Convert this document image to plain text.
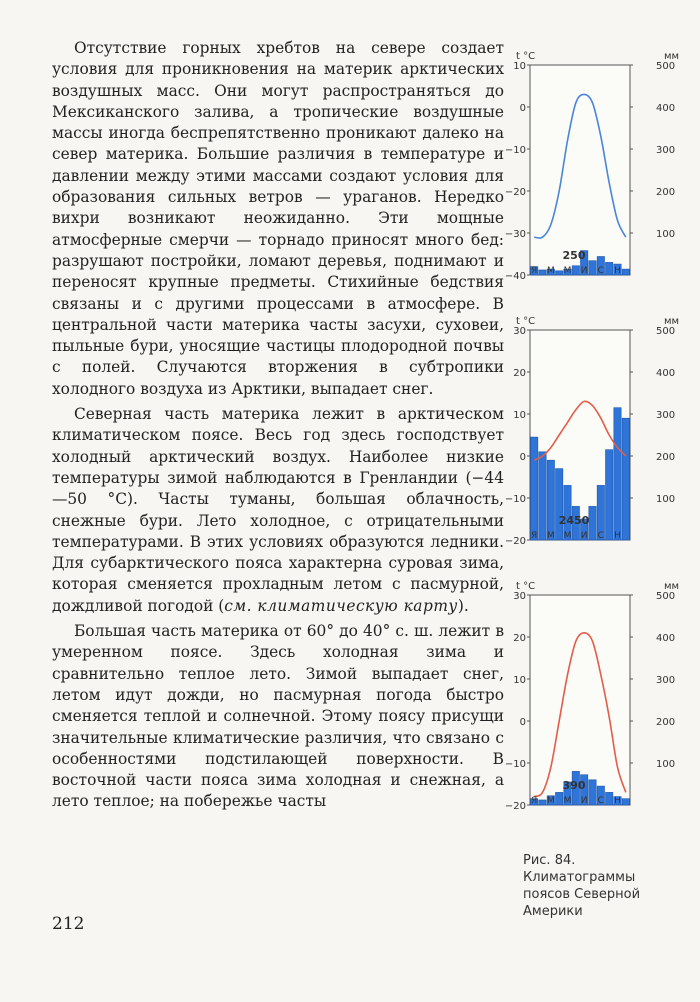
Отсутствие горных хребтов на севере создает условия для проникновения на материк арктических воздушных масс. Они могут распространяться до Мексиканского залива, а тропические воздушные массы иногда беспрепятственно проникают далеко на север материка. Большие различия в температуре и давлении между этими массами создают условия для образования сильных ветров — ураганов. Нередко вихри возникают неожиданно. Эти мощные атмосферные смерчи — торнадо приносят много бед: разрушают постройки, ломают деревья, поднимают и переносят крупные предметы. Стихийные бедствия связаны и с другими процессами в атмосфере. В центральной части материка часты засухи, суховеи, пыльные бури, уносящие частицы плодородной почвы с полей. Случаются вторжения в субтропики холодного воздуха из Арктики, выпадает снег.

Северная часть материка лежит в арктическом климатическом поясе. Весь год здесь господствует холодный арктический воздух. Наиболее низкие температуры зимой наблюдаются в Гренландии (−44—50 °С). Часты туманы, большая облачность, снежные бури. Лето холодное, с отрицательными температурами. В этих условиях образуются ледники. Для субарктического пояса характерна суровая зима, которая сменяется прохладным летом с пасмурной, дождливой погодой (см. климатическую карту).

Большая часть материка от 60° до 40° с. ш. лежит в умеренном поясе. Здесь холодная зима и сравнительно теплое лето. Зимой выпадает снег, летом идут дожди, но пасмурная погода быстро сменяется теплой и солнечной. Этому поясу присущи значительные климатические различия, что связано с особенностями подстилающей поверхности. В восточной части пояса зима холодная и снежная, а лето теплое; на побережье часты

212
−40
−30
−20
−10
0
10
100
200
300
400
500
t °C	мм
Я М М И С Н
250
−20
−10
0
10
20
30
100
200
300
400
500
t °C	мм
Я М М И С Н
2450
−20
−10
0
10
20
30
100
200
300
400
500
t °C	мм
Я М М И С Н
390
Рис. 84. Климатограммы поясов Северной Америки
